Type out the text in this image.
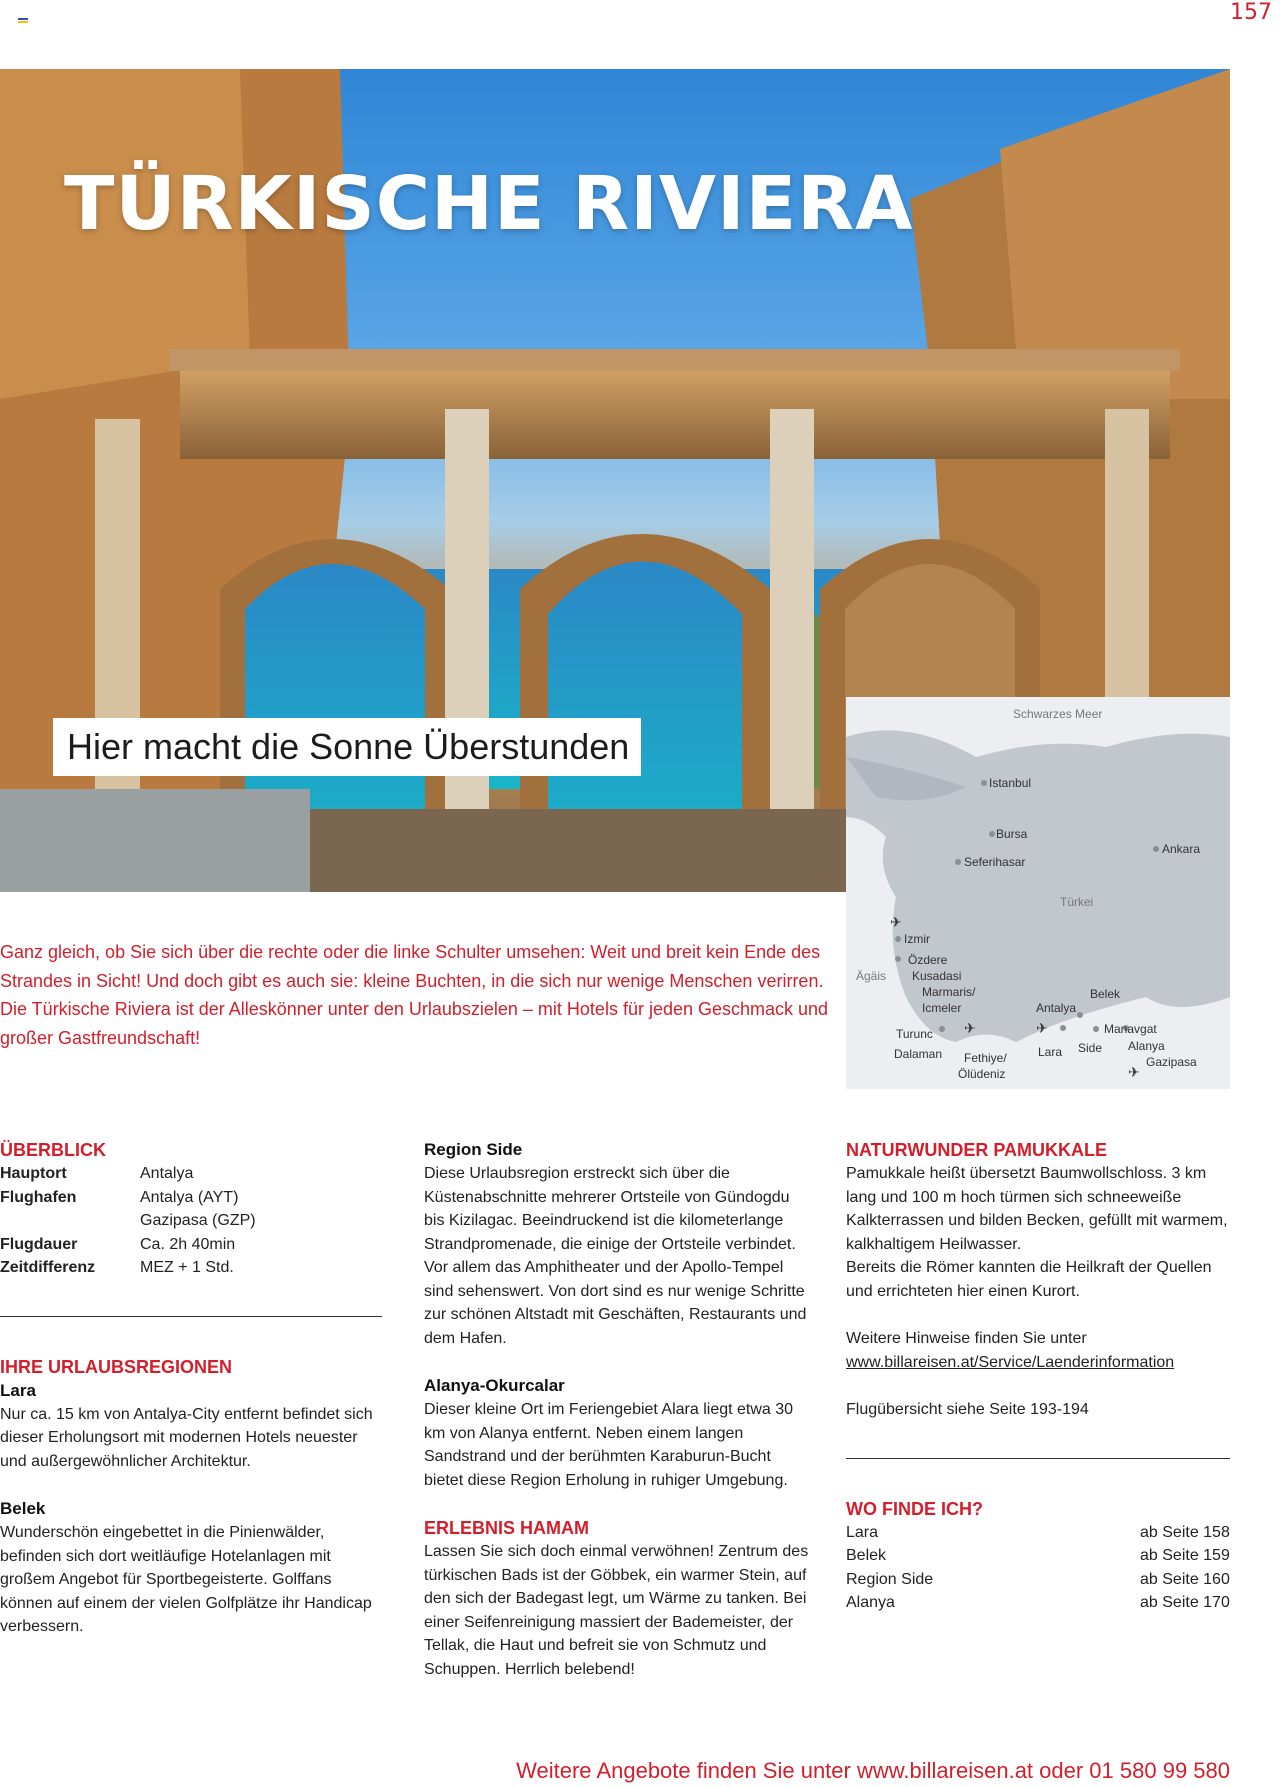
157
TÜRKISCHE RIVIERA
Hier macht die Sonne Überstunden
✈
✈	✈
✈
Schwarzes Meer
Ägäis
Türkei
Istanbul
Bursa
Seferihasar
Ankara
Izmir
Özdere
Kusadasi
Marmaris/
Icmeler
Turunc
Dalaman Fethiye/
Ölüdeniz
Antalya
Belek
Lara Side
Manavgat
Alanya
Gazipasa

Ganz gleich, ob Sie sich über die rechte oder die linke Schulter umsehen: Weit und breit kein Ende des Strandes in Sicht! Und doch gibt es auch sie: kleine Buchten, in die sich nur wenige Menschen verirren. Die Türkische Riviera ist der Alleskönner unter den Urlaubszielen – mit Hotels für jeden Geschmack und großer Gastfreundschaft!

ÜBERBLICK
Hauptort	Antalya
Flughafen	Antalya (AYT)
Gazipasa (GZP)
Flugdauer	Ca. 2h 40min
Zeitdifferenz	MEZ + 1 Std.
IHRE URLAUBSREGIONEN
Lara

Nur ca. 15 km von Antalya-City entfernt befindet sich dieser Erholungsort mit modernen Hotels neuester und außergewöhnlicher Architektur.

Belek

Wunderschön eingebettet in die Pinienwälder, befinden sich dort weitläufige Hotelanlagen mit großem Angebot für Sportbegeisterte. Golffans können auf einem der vielen Golfplätze ihr Handicap verbessern.

Region Side

Diese Urlaubsregion erstreckt sich über die Küstenabschnitte mehrerer Ortsteile von Gündogdu bis Kizilagac. Beeindruckend ist die kilometerlange Strandpromenade, die einige der Ortsteile verbindet. Vor allem das Amphitheater und der Apollo-Tempel sind sehenswert. Von dort sind es nur wenige Schritte zur schönen Altstadt mit Geschäften, Restaurants und dem Hafen.

Alanya-Okurcalar

Dieser kleine Ort im Feriengebiet Alara liegt etwa 30 km von Alanya entfernt. Neben einem langen Sandstrand und der berühmten Karaburun-Bucht bietet diese Region Erholung in ruhiger Umgebung.

ERLEBNIS HAMAM

Lassen Sie sich doch einmal verwöhnen! Zentrum des türkischen Bads ist der Göbbek, ein warmer Stein, auf den sich der Badegast legt, um Wärme zu tanken. Bei einer Seifenreinigung massiert der Bademeister, der Tellak, die Haut und befreit sie von Schmutz und Schuppen. Herrlich belebend!

NATURWUNDER PAMUKKALE

Pamukkale heißt übersetzt Baumwollschloss. 3 km lang und 100 m hoch türmen sich schneeweiße Kalkterrassen und bilden Becken, gefüllt mit warmem, kalkhaltigem Heilwasser.

Bereits die Römer kannten die Heilkraft der Quellen und errichteten hier einen Kurort.

Weitere Hinweise finden Sie unter

www.billareisen.at/Service/Laenderinformation

Flugübersicht siehe Seite 193-194

WO FINDE ICH?
Lara	ab Seite 158
Belek	ab Seite 159
Region Side	ab Seite 160
Alanya	ab Seite 170
Weitere Angebote finden Sie unter www.billareisen.at oder 01 580 99 580
